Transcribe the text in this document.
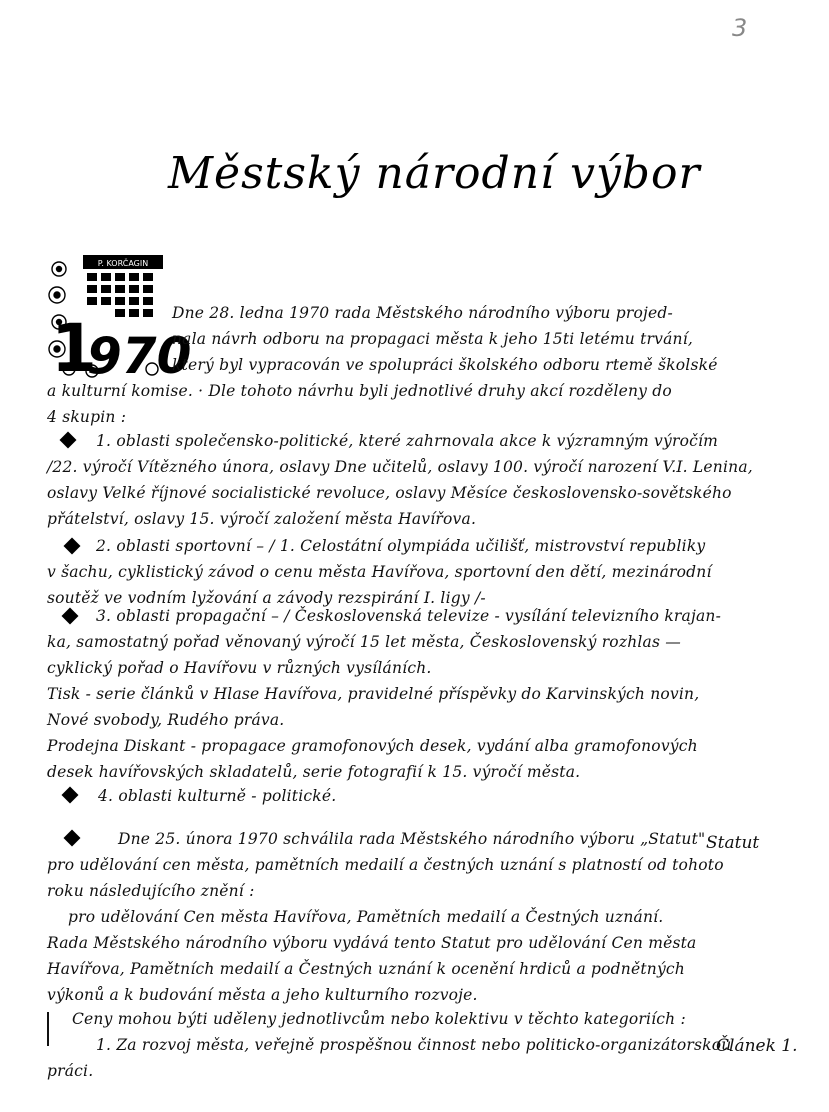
3
Městský národní výbor
P. KORČAGIN
1
970
Dne 28. ledna 1970 rada Městského národního výboru projed-
nala návrh odboru na propagaci města k jeho 15ti letému trvání,
který byl vypracován ve spolupráci školského odboru rtemě školské
a kulturní komise. · Dle tohoto návrhu byli jednotlivé druhy akcí rozděleny do
4 skupin :
1. oblasti společensko-politické, které zahrnovala akce k výzramným výročím
/22. výročí Vítězného února, oslavy Dne učitelů, oslavy 100. výročí narození V.I. Lenina,
oslavy Velké říjnové socialistické revoluce, oslavy Měsíce československo-sovětského
přátelství, oslavy 15. výročí založení města Havířova.
2. oblasti sportovní – / 1. Celostátní olympiáda učilišť, mistrovství republiky
v šachu, cyklistický závod o cenu města Havířova, sportovní den dětí, mezinárodní
soutěž ve vodním lyžování a závody rezspirání I. ligy /-
3. oblasti propagační – / Československá televize - vysílání televizního krajan-
ka, samostatný pořad věnovaný výročí 15 let města, Československý rozhlas —
cyklický pořad o Havířovu v různých vysíláních.
Tisk - serie článků v Hlase Havířova, pravidelné příspěvky do Karvinských novin,
Nové svobody, Rudého práva.
Prodejna Diskant - propagace gramofonových desek, vydání alba gramofonových
desek havířovských skladatelů, serie fotografií k 15. výročí města.
4. oblasti kulturně - politické.
Dne 25. února 1970 schválila rada Městského národního výboru „Statut" Statut
pro udělování cen města, pamětních medailí a čestných uznání s platností od tohoto
roku následujícího znění :
pro udělování Cen města Havířova, Pamětních medailí a Čestných uznání.
Rada Městského národního výboru vydává tento Statut pro udělování Cen města
Havířova, Pamětních medailí a Čestných uznání k ocenění hrdiců a podnětných
výkonů a k budování města a jeho kulturního rozvoje.
Ceny mohou býti uděleny jednotlivcům nebo kolektivu v těchto kategoriích :
1. Za rozvoj města, veřejně prospěšnou činnost nebo politicko-organizátorskou
Článek 1.
práci.
